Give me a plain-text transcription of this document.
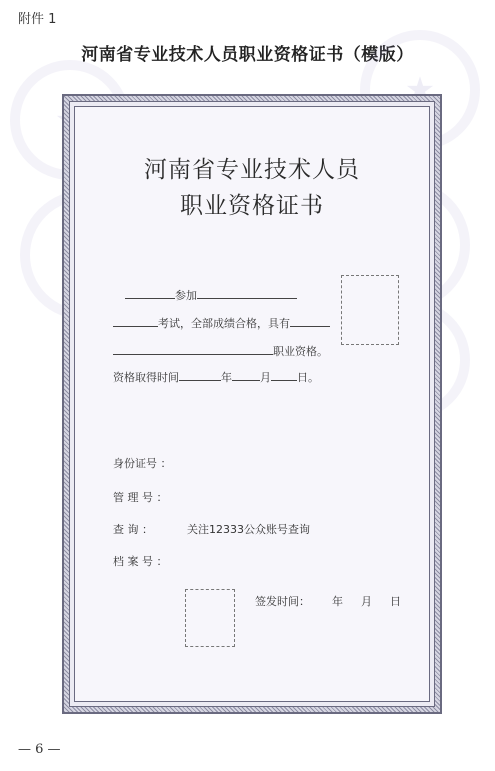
附件 1
河南省专业技术人员职业资格证书（模版）
★
河南省专业技术人员
职业资格证书
参加
考试，全部成绩合格，具有
职业资格。
资格取得时间	年	月 日。
身份证号 ：
管 理 号 ：
查 询 ：	关注12333公众账号查询
档 案 号 ：
签发时间： 年 月 日
— 6 —
